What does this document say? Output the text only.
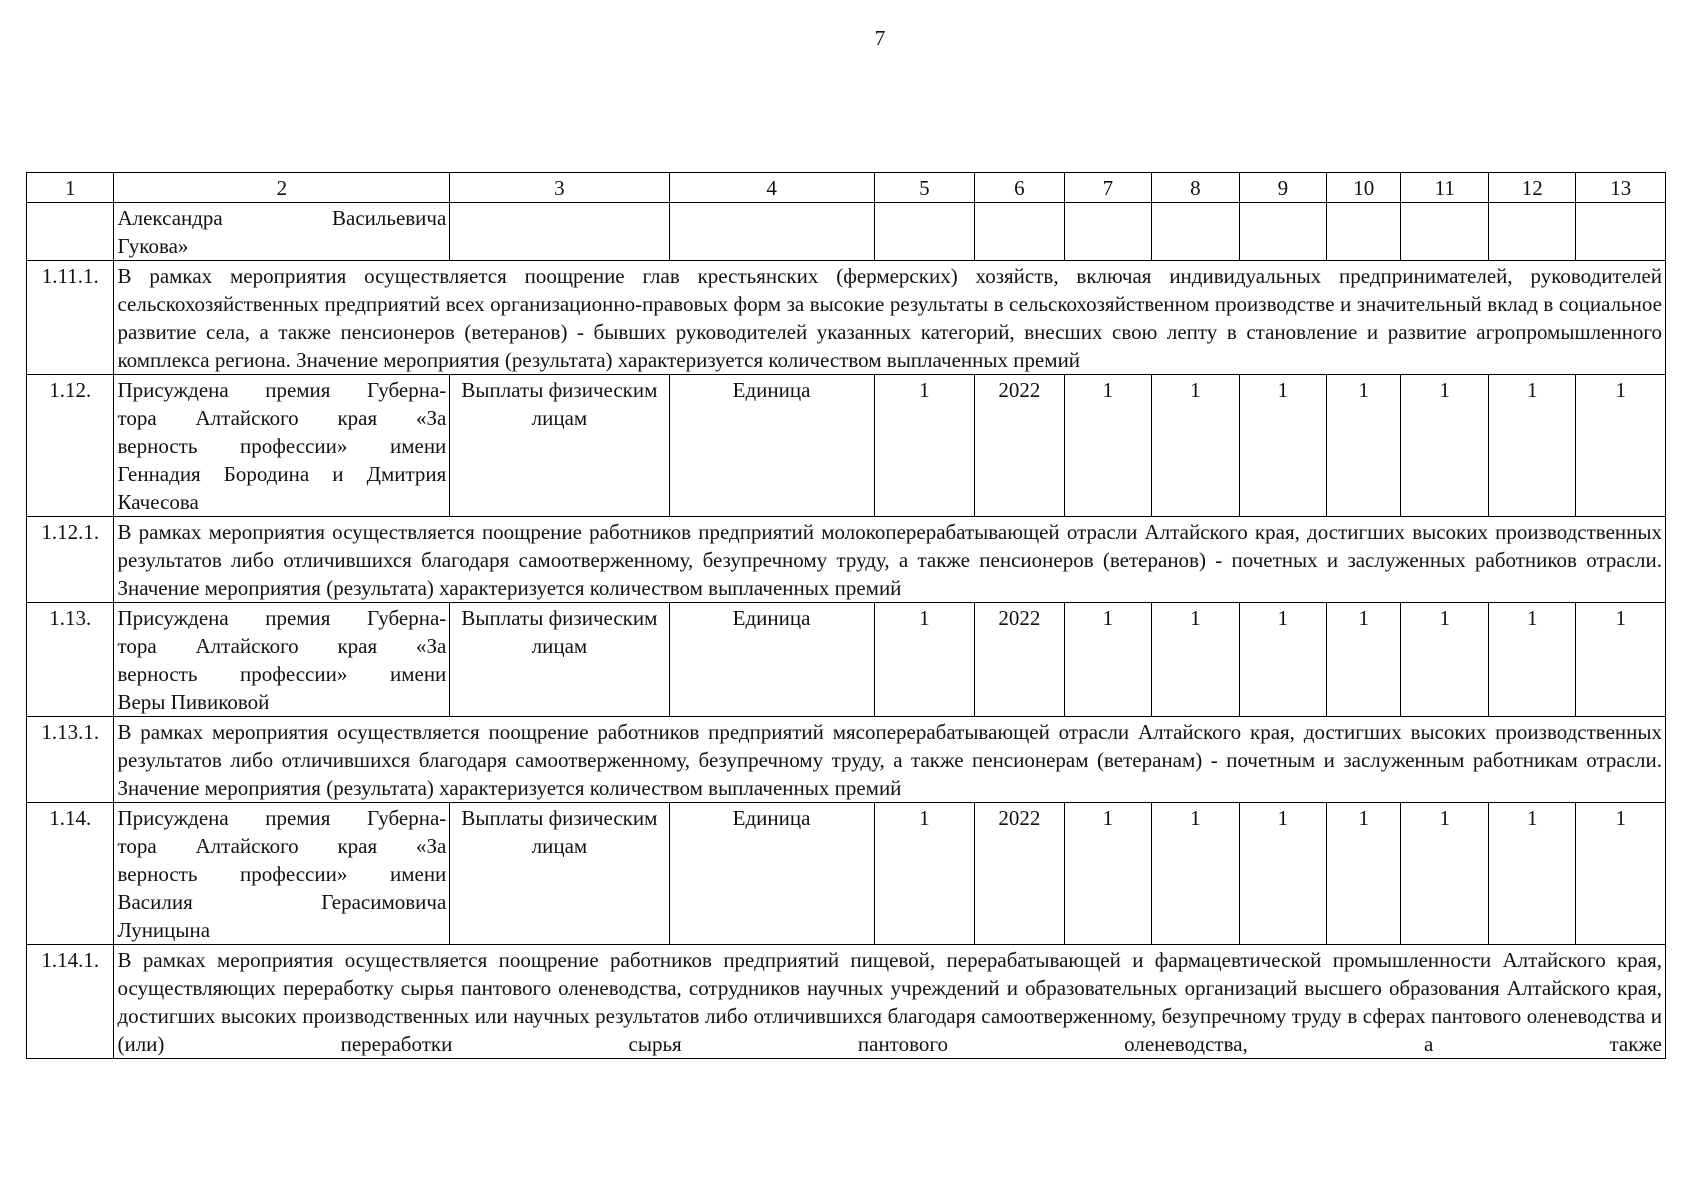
7
1	2	3	4	5	6	7	8	9	10	11	12	13

	Александра Васильевича
Гукова»											

1.11.1.	В рамках мероприятия осуществляется поощрение глав крестьянских (фермерских) хозяйств, включая индивидуальных предпринимателей, руководителей сельскохозяйственных предприятий всех организационно-правовых форм за высокие результаты в сельскохозяйственном производстве и значительный вклад в социальное развитие села, а также пенсионеров (ветеранов) - бывших руководителей указанных категорий, внесших свою лепту в становление и развитие агропромышленного комплекса региона. Значение мероприятия (результата) характеризуется количеством выплаченных премий											
1.12.	Присуждена премия Губерна-
тора Алтайского края «За
верность профессии» имени
Геннадия Бородина и Дмитрия
Качесова	Выплаты физическим лицам	Единица	1	2022	1	1	1	1	1	1	1
1.12.1.	В рамках мероприятия осуществляется поощрение работников предприятий молокоперерабатывающей отрасли Алтайского края, достигших высоких производственных результатов либо отличившихся благодаря самоотверженному, безупречному труду, а также пенсионеров (ветеранов) - почетных и заслуженных работников отрасли. Значение мероприятия (результата) характеризуется количеством выплаченных премий											
1.13.	Присуждена премия Губерна-
тора Алтайского края «За
верность профессии» имени
Веры Пивиковой	Выплаты физическим лицам	Единица	1	2022	1	1	1	1	1	1	1
1.13.1.	В рамках мероприятия осуществляется поощрение работников предприятий мясоперерабатывающей отрасли Алтайского края, достигших высоких производственных результатов либо отличившихся благодаря самоотверженному, безупречному труду, а также пенсионерам (ветеранам) - почетным и заслуженным работникам отрасли. Значение мероприятия (результата) характеризуется количеством выплаченных премий											
1.14.	Присуждена премия Губерна-
тора Алтайского края «За
верность профессии» имени
Василия Герасимовича
Луницына	Выплаты физическим лицам	Единица	1	2022	1	1	1	1	1	1	1
1.14.1.	В рамках мероприятия осуществляется поощрение работников предприятий пищевой, перерабатывающей и фармацевтической промышленности Алтайского края, осуществляющих переработку сырья пантового оленеводства, сотрудников научных учреждений и образовательных организаций высшего образования Алтайского края, достигших высоких производственных или научных результатов либо отличившихся благодаря самоотверженному, безупречному труду в сферах пантового оленеводства и (или) переработки сырья пантового оленеводства, а также											
